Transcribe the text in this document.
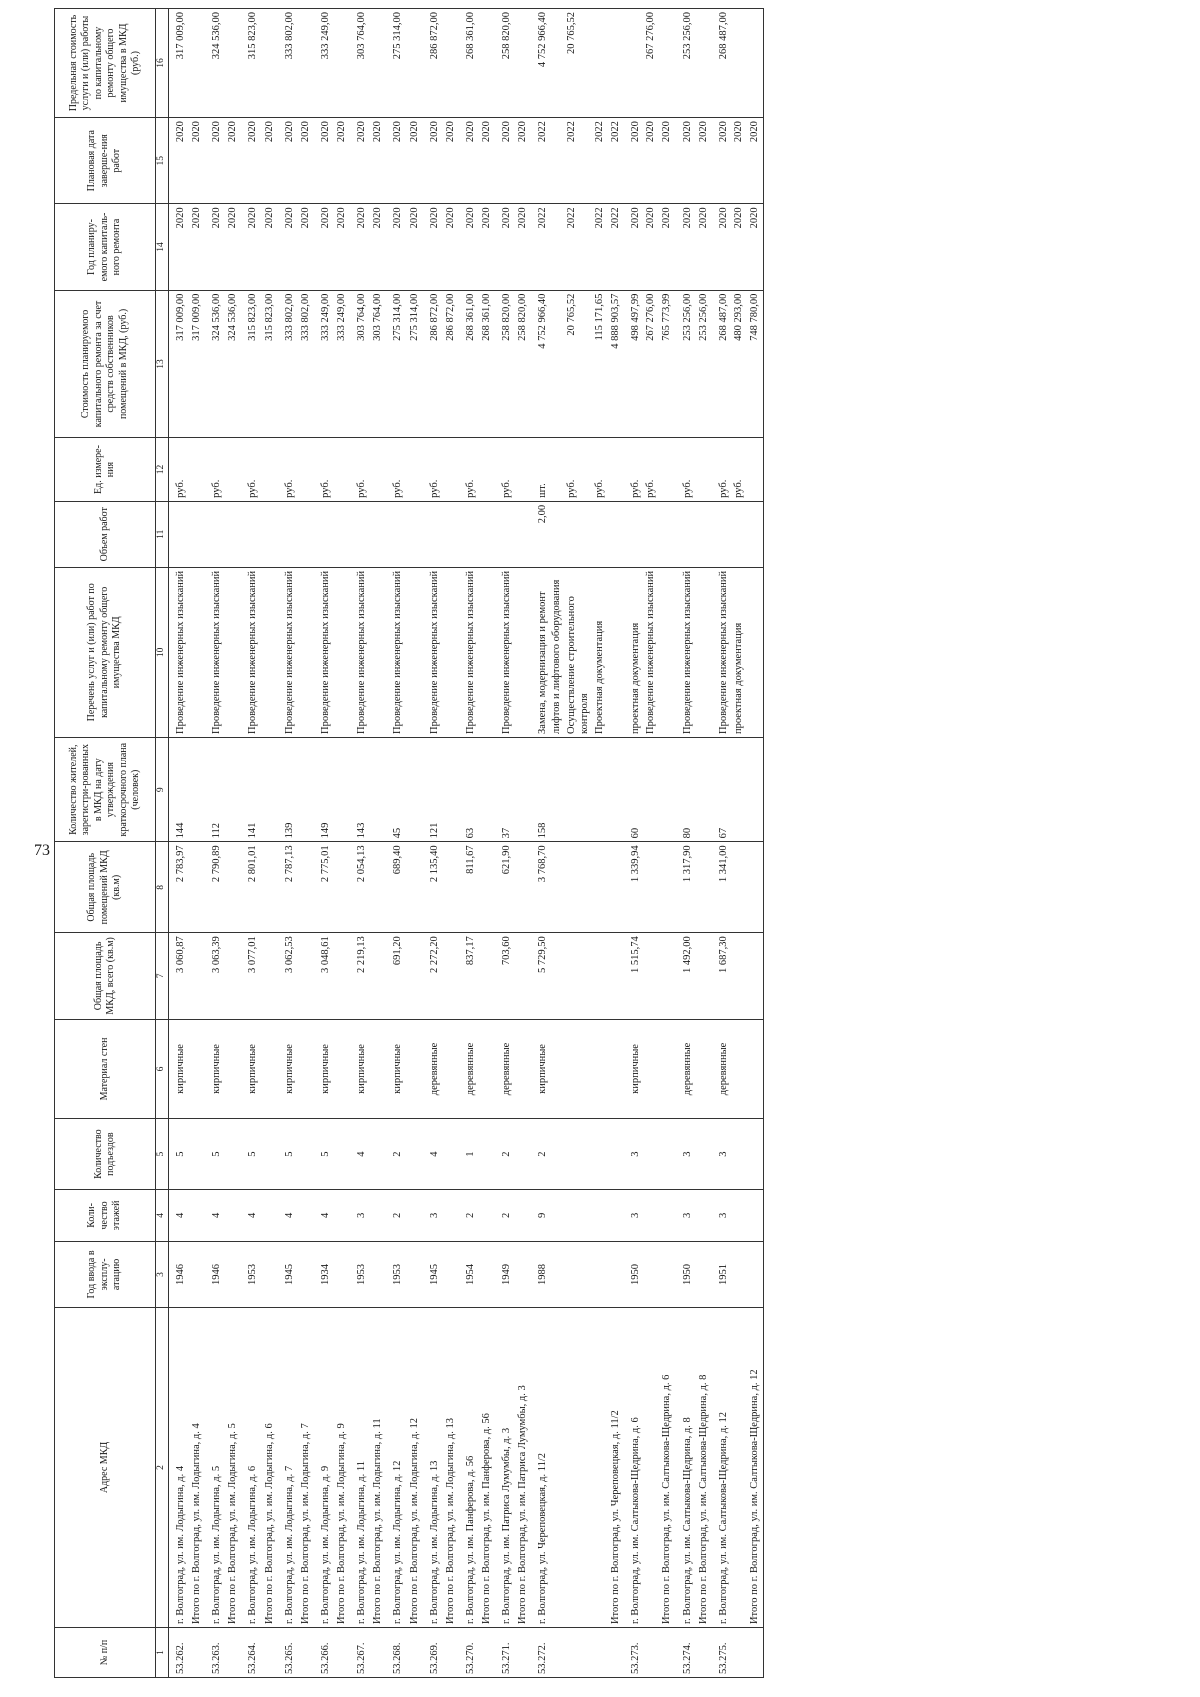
73
№ п/п	Адрес МКД	Год ввода в эксплу-атацию	Коли-чество этажей	Количество подъездов	Материал стен	Общая площадь МКД, всего (кв.м)	Общая площадь помещений МКД (кв.м)	Количество жителей, зарегистри-рованных в МКД на дату утверждения краткосрочного плана (человек)	Перечень услуг и (или) работ по капитальному ремонту общего имущества МКД	Объем работ	Ед. измере-ния	Стоимость планируемого капитального ремонта за счет средств собственников помещений в МКД, (руб.)	Год планиру-емого капиталь-ного ремонта	Плановая дата заверше-ния работ	Предельная стоимость услуги и (или) работы по капитальному ремонту общего имущества в МКД (руб.)
1	2	3	4	5	6	7	8	9	10	11	12	13	14	15	16
53.262.	г. Волгоград, ул. им. Лодыгина, д. 4	1946	4	5	кирпичные	3 060,87	2 783,97	144	Проведение инженерных изысканий		руб.	317 009,00	2020	2020	317 009,00
	Итого по г. Волгоград, ул. им. Лодыгина, д. 4											317 009,00	2020	2020	
53.263.	г. Волгоград, ул. им. Лодыгина, д. 5	1946	4	5	кирпичные	3 063,39	2 790,89	112	Проведение инженерных изысканий		руб.	324 536,00	2020	2020	324 536,00
	Итого по г. Волгоград, ул. им. Лодыгина, д. 5											324 536,00	2020	2020	
53.264.	г. Волгоград, ул. им. Лодыгина, д. 6	1953	4	5	кирпичные	3 077,01	2 801,01	141	Проведение инженерных изысканий		руб.	315 823,00	2020	2020	315 823,00
	Итого по г. Волгоград, ул. им. Лодыгина, д. 6											315 823,00	2020	2020	
53.265.	г. Волгоград, ул. им. Лодыгина, д. 7	1945	4	5	кирпичные	3 062,53	2 787,13	139	Проведение инженерных изысканий		руб.	333 802,00	2020	2020	333 802,00
	Итого по г. Волгоград, ул. им. Лодыгина, д. 7											333 802,00	2020	2020	
53.266.	г. Волгоград, ул. им. Лодыгина, д. 9	1934	4	5	кирпичные	3 048,61	2 775,01	149	Проведение инженерных изысканий		руб.	333 249,00	2020	2020	333 249,00
	Итого по г. Волгоград, ул. им. Лодыгина, д. 9											333 249,00	2020	2020	
53.267.	г. Волгоград, ул. им. Лодыгина, д. 11	1953	3	4	кирпичные	2 219,13	2 054,13	143	Проведение инженерных изысканий		руб.	303 764,00	2020	2020	303 764,00
	Итого по г. Волгоград, ул. им. Лодыгина, д. 11											303 764,00	2020	2020	
53.268.	г. Волгоград, ул. им. Лодыгина, д. 12	1953	2	2	кирпичные	691,20	689,40	45	Проведение инженерных изысканий		руб.	275 314,00	2020	2020	275 314,00
	Итого по г. Волгоград, ул. им. Лодыгина, д. 12											275 314,00	2020	2020	
53.269.	г. Волгоград, ул. им. Лодыгина, д. 13	1945	3	4	деревянные	2 272,20	2 135,40	121	Проведение инженерных изысканий		руб.	286 872,00	2020	2020	286 872,00
	Итого по г. Волгоград, ул. им. Лодыгина, д. 13											286 872,00	2020	2020	
53.270.	г. Волгоград, ул. им. Панферова, д. 56	1954	2	1	деревянные	837,17	811,67	63	Проведение инженерных изысканий		руб.	268 361,00	2020	2020	268 361,00
	Итого по г. Волгоград, ул. им. Панферова, д. 56											268 361,00	2020	2020	
53.271.	г. Волгоград, ул. им. Патриса Лумумбы, д. 3	1949	2	2	деревянные	703,60	621,90	37	Проведение инженерных изысканий		руб.	258 820,00	2020	2020	258 820,00
	Итого по г. Волгоград, ул. им. Патриса Лумумбы, д. 3											258 820,00	2020	2020	
53.272.	г. Волгоград, ул. Череповецкая, д. 11/2	1988	9	2	кирпичные	5 729,50	3 768,70	158	Замена, модернизация и ремонт лифтов и лифтового оборудования	2,00	шт.	4 752 966,40	2022	2022	4 752 966,40
									Осуществление строительного контроля		руб.	20 765,52	2022	2022	20 765,52
									Проектная документация		руб.	115 171,65	2022	2022	
	Итого по г. Волгоград, ул. Череповецкая, д. 11/2											4 888 903,57	2022	2022	
53.273.	г. Волгоград, ул. им. Салтыкова-Щедрина, д. 6	1950	3	3	кирпичные	1 515,74	1 339,94	60	проектная документация		руб.	498 497,99	2020	2020	
									Проведение инженерных изысканий		руб.	267 276,00	2020	2020	267 276,00
	Итого по г. Волгоград, ул. им. Салтыкова-Щедрина, д. 6											765 773,99	2020	2020	
53.274.	г. Волгоград, ул. им. Салтыкова-Щедрина, д. 8	1950	3	3	деревянные	1 492,00	1 317,90	80	Проведение инженерных изысканий		руб.	253 256,00	2020	2020	253 256,00
	Итого по г. Волгоград, ул. им. Салтыкова-Щедрина, д. 8											253 256,00	2020	2020	
53.275.	г. Волгоград, ул. им. Салтыкова-Щедрина, д. 12	1951	3	3	деревянные	1 687,30	1 341,00	67	Проведение инженерных изысканий		руб.	268 487,00	2020	2020	268 487,00
									проектная документация		руб.	480 293,00	2020	2020	
	Итого по г. Волгоград, ул. им. Салтыкова-Щедрина, д. 12											748 780,00	2020	2020	
